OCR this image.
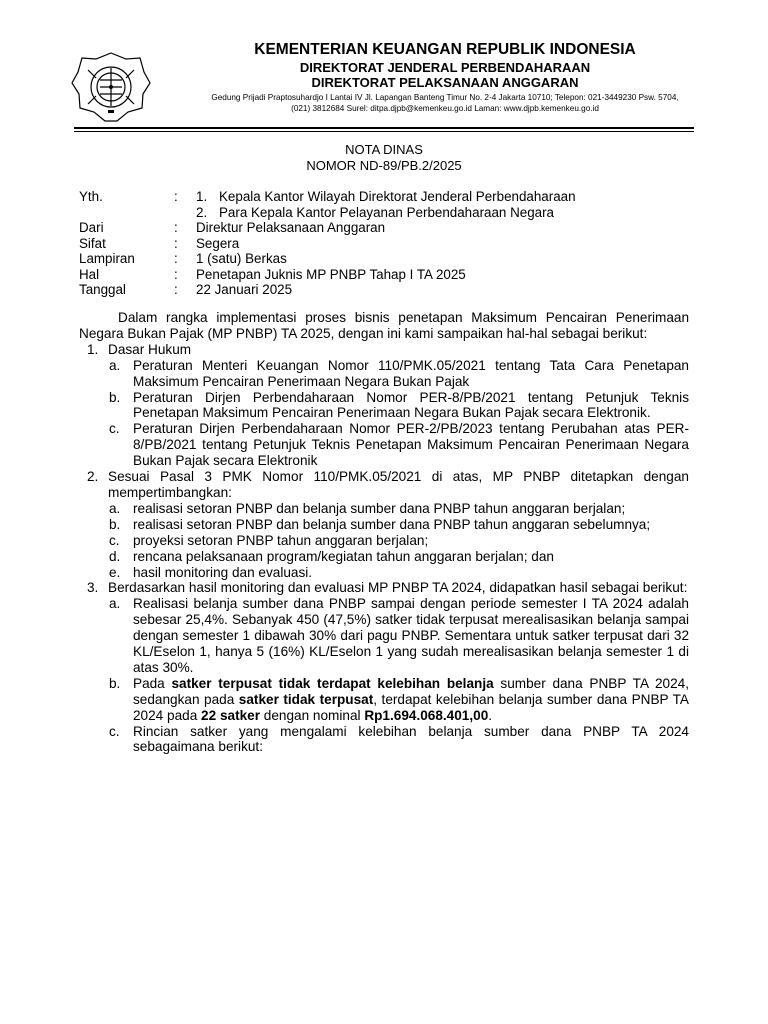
KEMENTERIAN KEUANGAN REPUBLIK INDONESIA
DIREKTORAT JENDERAL PERBENDAHARAAN
DIREKTORAT PELAKSANAAN ANGGARAN
Gedung Prijadi Praptosuhardjo I Lantai IV Jl. Lapangan Banteng Timur No. 2-4 Jakarta 10710; Telepon: 021-3449230 Psw. 5704,
(021) 3812684 Surel: ditpa.djpb@kemenkeu.go.id Laman: www.djpb.kemenkeu.go.id
NOTA DINAS
NOMOR ND-89/PB.2/2025
Yth.	:	1. Kepala Kantor Wilayah Direktorat Jenderal Perbendaharaan
2. Para Kepala Kantor Pelayanan Perbendaharaan Negara
Dari	:	Direktur Pelaksanaan Anggaran
Sifat	:	Segera
Lampiran	:	1 (satu) Berkas
Hal	:	Penetapan Juknis MP PNBP Tahap I TA 2025
Tanggal	:	22 Januari 2025
Dalam rangka implementasi proses bisnis penetapan Maksimum Pencairan Penerimaan Negara Bukan Pajak (MP PNBP) TA 2025, dengan ini kami sampaikan hal-hal sebagai berikut:
1. Dasar Hukum
a. Peraturan Menteri Keuangan Nomor 110/PMK.05/2021 tentang Tata Cara Penetapan Maksimum Pencairan Penerimaan Negara Bukan Pajak
b. Peraturan Dirjen Perbendaharaan Nomor PER-8/PB/2021 tentang Petunjuk Teknis Penetapan Maksimum Pencairan Penerimaan Negara Bukan Pajak secara Elektronik.
c. Peraturan Dirjen Perbendaharaan Nomor PER-2/PB/2023 tentang Perubahan atas PER-8/PB/2021 tentang Petunjuk Teknis Penetapan Maksimum Pencairan Penerimaan Negara Bukan Pajak secara Elektronik
2. Sesuai Pasal 3 PMK Nomor 110/PMK.05/2021 di atas, MP PNBP ditetapkan dengan mempertimbangkan:
a. realisasi setoran PNBP dan belanja sumber dana PNBP tahun anggaran berjalan;
b. realisasi setoran PNBP dan belanja sumber dana PNBP tahun anggaran sebelumnya;
c. proyeksi setoran PNBP tahun anggaran berjalan;
d. rencana pelaksanaan program/kegiatan tahun anggaran berjalan; dan
e. hasil monitoring dan evaluasi.
3. Berdasarkan hasil monitoring dan evaluasi MP PNBP TA 2024, didapatkan hasil sebagai berikut:
a. Realisasi belanja sumber dana PNBP sampai dengan periode semester I TA 2024 adalah sebesar 25,4%. Sebanyak 450 (47,5%) satker tidak terpusat merealisasikan belanja sampai dengan semester 1 dibawah 30% dari pagu PNBP. Sementara untuk satker terpusat dari 32 KL/Eselon 1, hanya 5 (16%) KL/Eselon 1 yang sudah merealisasikan belanja semester 1 di atas 30%.
b. Pada satker terpusat tidak terdapat kelebihan belanja sumber dana PNBP TA 2024, sedangkan pada satker tidak terpusat, terdapat kelebihan belanja sumber dana PNBP TA 2024 pada 22 satker dengan nominal Rp1.694.068.401,00.
c. Rincian satker yang mengalami kelebihan belanja sumber dana PNBP TA 2024 sebagaimana berikut:
